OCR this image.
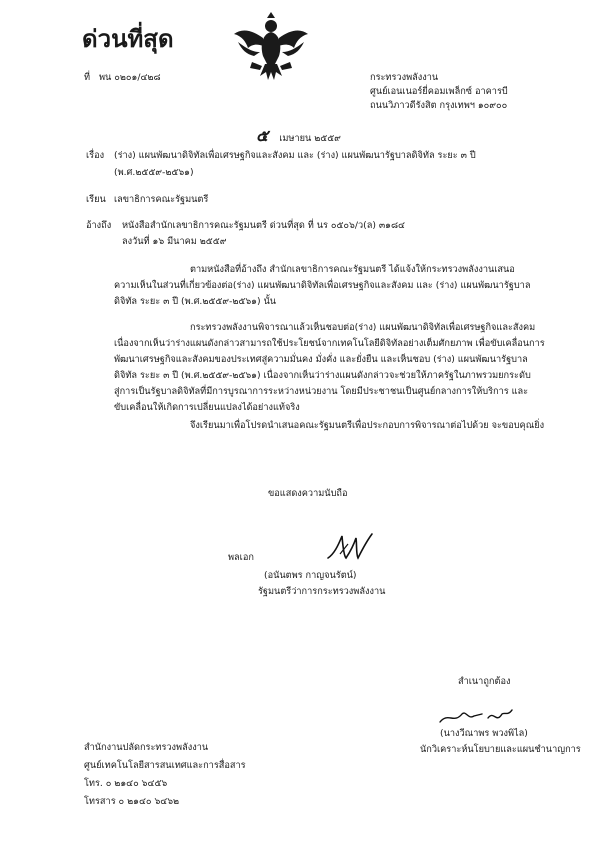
ด่วนที่สุด
ที่ พน ๐๒๐๑/๔๒๘	กระทรวงพลังงาน
ศูนย์เอนเนอร์ยี่คอมเพล็กซ์ อาคารบี
ถนนวิภาวดีรังสิต กรุงเทพฯ ๑๐๙๐๐
๕ เมษายน ๒๕๕๙
เรื่อง (ร่าง) แผนพัฒนาดิจิทัลเพื่อเศรษฐกิจและสังคม และ (ร่าง) แผนพัฒนารัฐบาลดิจิทัล ระยะ ๓ ปี
(พ.ศ.๒๕๕๙-๒๕๖๑)
เรียน เลขาธิการคณะรัฐมนตรี
อ้างถึง หนังสือสำนักเลขาธิการคณะรัฐมนตรี ด่วนที่สุด ที่ นร ๐๕๐๖/ว(ล) ๓๑๘๔
ลงวันที่ ๑๖ มีนาคม ๒๕๕๙
ตามหนังสือที่อ้างถึง สำนักเลขาธิการคณะรัฐมนตรี ได้แจ้งให้กระทรวงพลังงานเสนอ
ความเห็นในส่วนที่เกี่ยวข้องต่อ(ร่าง) แผนพัฒนาดิจิทัลเพื่อเศรษฐกิจและสังคม และ (ร่าง) แผนพัฒนารัฐบาล
ดิจิทัล ระยะ ๓ ปี (พ.ศ.๒๕๕๙-๒๕๖๑) นั้น
กระทรวงพลังงานพิจารณาแล้วเห็นชอบต่อ(ร่าง) แผนพัฒนาดิจิทัลเพื่อเศรษฐกิจและสังคม
เนื่องจากเห็นว่าร่างแผนดังกล่าวสามารถใช้ประโยชน์จากเทคโนโลยีดิจิทัลอย่างเต็มศักยภาพ เพื่อขับเคลื่อนการ
พัฒนาเศรษฐกิจและสังคมของประเทศสู่ความมั่นคง มั่งคั่ง และยั่งยืน และเห็นชอบ (ร่าง) แผนพัฒนารัฐบาล
ดิจิทัล ระยะ ๓ ปี (พ.ศ.๒๕๕๙-๒๕๖๑) เนื่องจากเห็นว่าร่างแผนดังกล่าวจะช่วยให้ภาครัฐในภาพรวมยกระดับ
สู่การเป็นรัฐบาลดิจิทัลที่มีการบูรณาการระหว่างหน่วยงาน โดยมีประชาชนเป็นศูนย์กลางการให้บริการ และ
ขับเคลื่อนให้เกิดการเปลี่ยนแปลงได้อย่างแท้จริง
จึงเรียนมาเพื่อโปรดนำเสนอคณะรัฐมนตรีเพื่อประกอบการพิจารณาต่อไปด้วย จะขอบคุณยิ่ง
ขอแสดงความนับถือ
พลเอก
(อนันตพร กาญจนรัตน์)
รัฐมนตรีว่าการกระทรวงพลังงาน
สำเนาถูกต้อง
(นางวีณาพร พวงพิไล)
นักวิเคราะห์นโยบายและแผนชำนาญการ
สำนักงานปลัดกระทรวงพลังงาน
ศูนย์เทคโนโลยีสารสนเทศและการสื่อสาร
โทร. ๐ ๒๑๔๐ ๖๔๕๖
โทรสาร ๐ ๒๑๔๐ ๖๔๖๒
